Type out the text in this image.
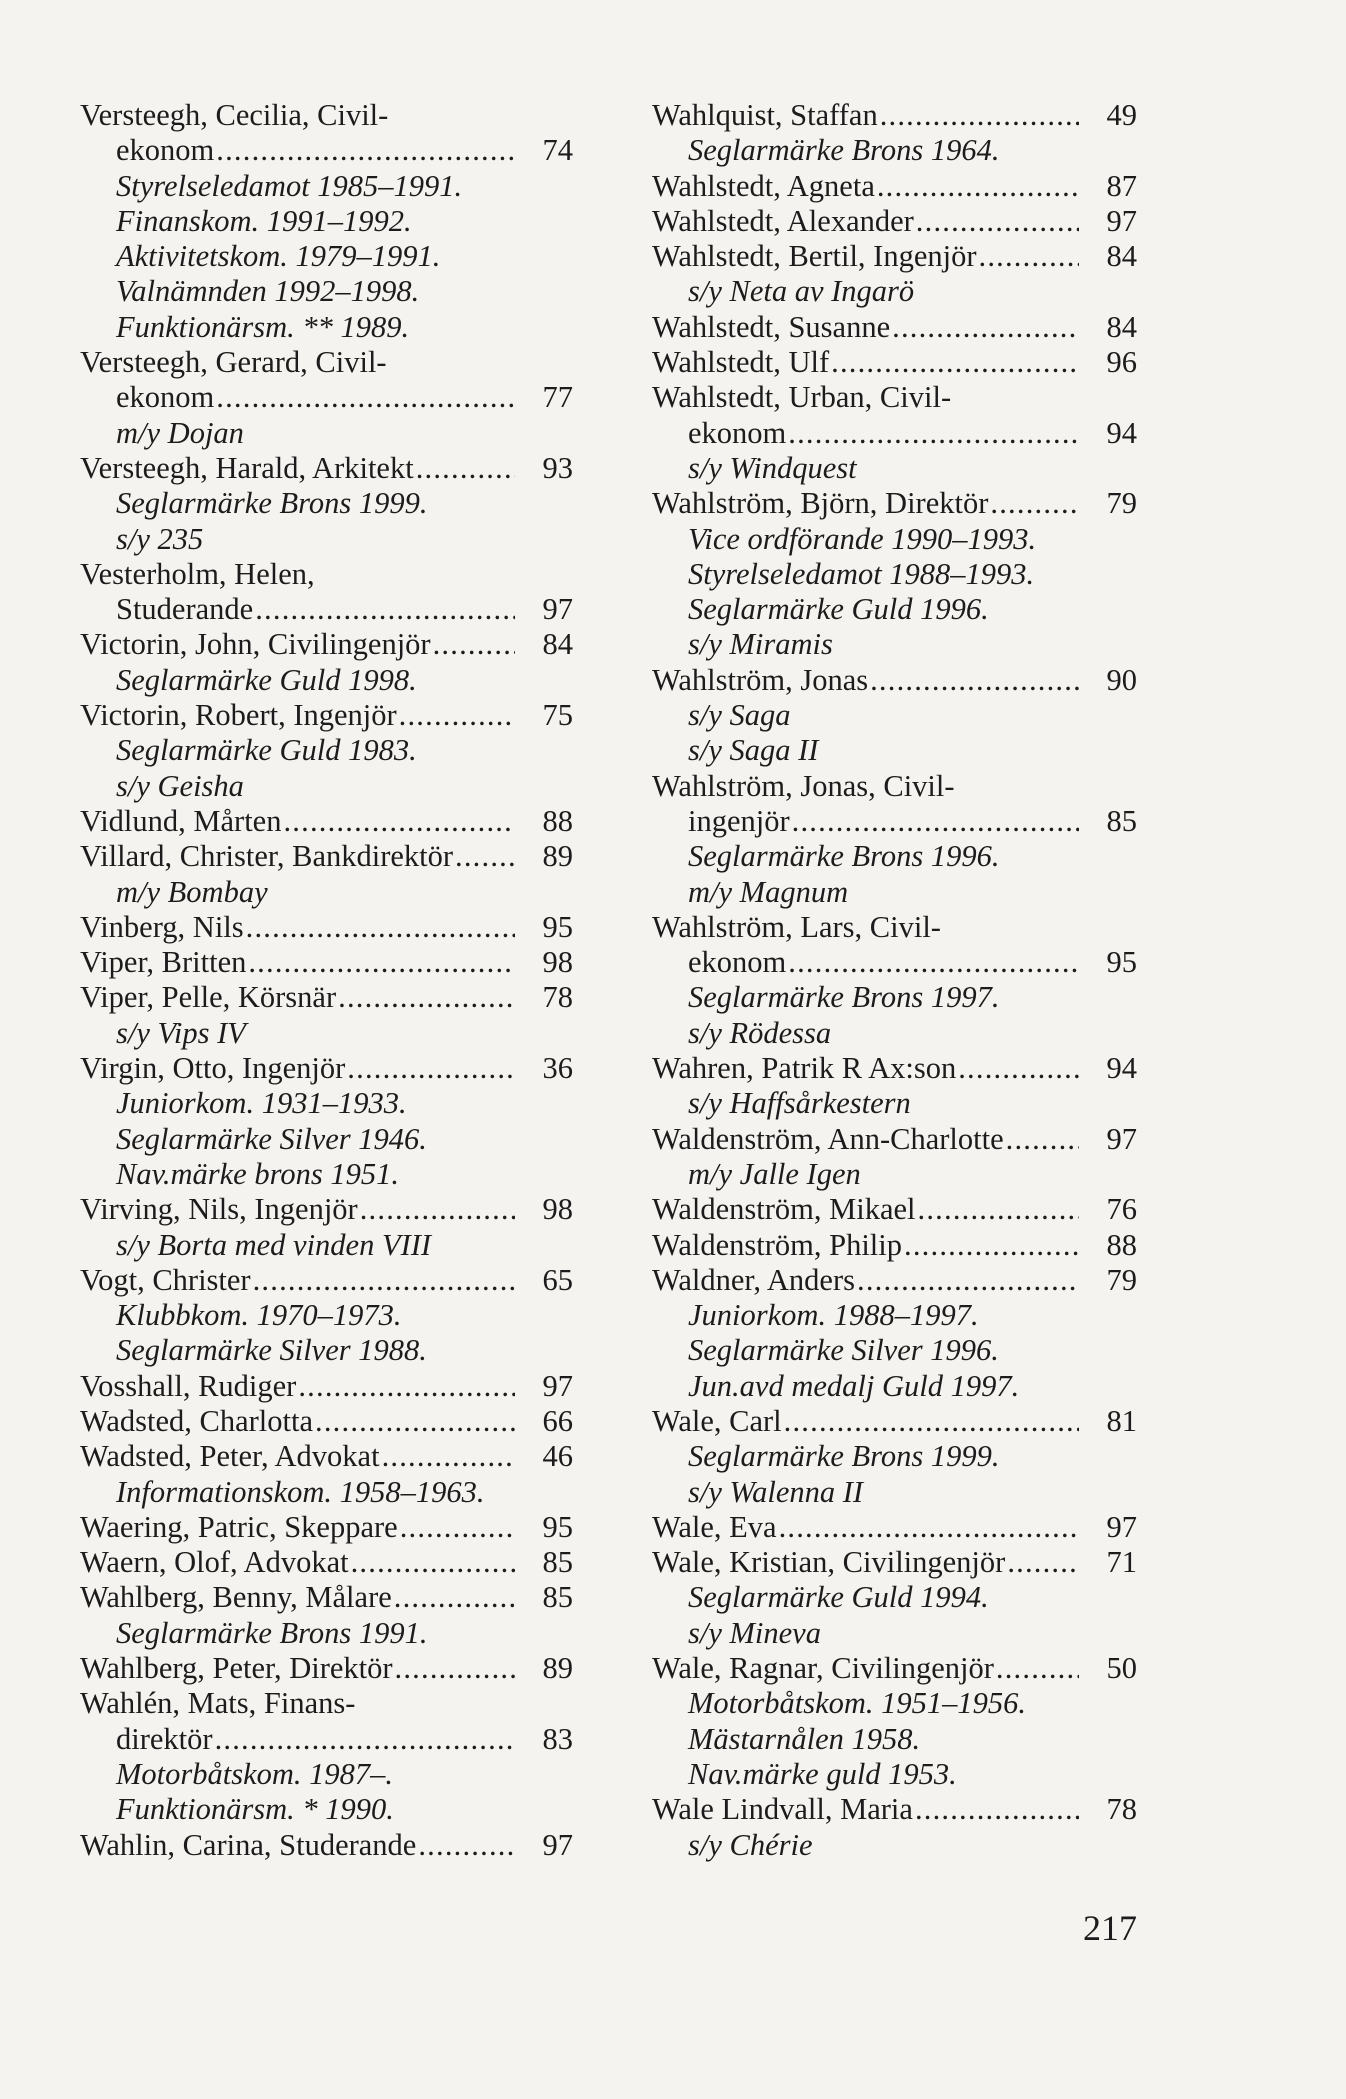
Versteegh, Cecilia, Civil-
ekonom .....	74
Styrelseledamot 1985–1991.
Finanskom. 1991–1992.
Aktivitetskom. 1979–1991.
Valnämnden 1992–1998.
Funktionärsm. ** 1989.
Versteegh, Gerard, Civil-
ekonom .....	77
m/y Dojan
Versteegh, Harald, Arkitekt .....	93
Seglarmärke Brons 1999.
s/y 235
Vesterholm, Helen,
Studerande .....	97
Victorin, John, Civilingenjör .....	84
Seglarmärke Guld 1998.
Victorin, Robert, Ingenjör .....	75
Seglarmärke Guld 1983.
s/y Geisha
Vidlund, Mårten .....	88
Villard, Christer, Bankdirektör .....	89
m/y Bombay
Vinberg, Nils .....	95
Viper, Britten .....	98
Viper, Pelle, Körsnär .....	78
s/y Vips IV
Virgin, Otto, Ingenjör .....	36
Juniorkom. 1931–1933.
Seglarmärke Silver 1946.
Nav.märke brons 1951.
Virving, Nils, Ingenjör .....	98
s/y Borta med vinden VIII
Vogt, Christer .....	65
Klubbkom. 1970–1973.
Seglarmärke Silver 1988.
Vosshall, Rudiger .....	97
Wadsted, Charlotta .....	66
Wadsted, Peter, Advokat .....	46
Informationskom. 1958–1963.
Waering, Patric, Skeppare .....	95
Waern, Olof, Advokat .....	85
Wahlberg, Benny, Målare .....	85
Seglarmärke Brons 1991.
Wahlberg, Peter, Direktör .....	89
Wahlén, Mats, Finans-
direktör .....	83
Motorbåtskom. 1987–.
Funktionärsm. * 1990.
Wahlin, Carina, Studerande .....	97
Wahlquist, Staffan .....	49
Seglarmärke Brons 1964.
Wahlstedt, Agneta .....	87
Wahlstedt, Alexander .....	97
Wahlstedt, Bertil, Ingenjör .....	84
s/y Neta av Ingarö
Wahlstedt, Susanne .....	84
Wahlstedt, Ulf .....	96
Wahlstedt, Urban, Civil-
ekonom .....	94
s/y Windquest
Wahlström, Björn, Direktör .....	79
Vice ordförande 1990–1993.
Styrelseledamot 1988–1993.
Seglarmärke Guld 1996.
s/y Miramis
Wahlström, Jonas .....	90
s/y Saga
s/y Saga II
Wahlström, Jonas, Civil-
ingenjör .....	85
Seglarmärke Brons 1996.
m/y Magnum
Wahlström, Lars, Civil-
ekonom .....	95
Seglarmärke Brons 1997.
s/y Rödessa
Wahren, Patrik R Ax:son .....	94
s/y Haffsårkestern
Waldenström, Ann-Charlotte .....	97
m/y Jalle Igen
Waldenström, Mikael .....	76
Waldenström, Philip .....	88
Waldner, Anders .....	79
Juniorkom. 1988–1997.
Seglarmärke Silver 1996.
Jun.avd medalj Guld 1997.
Wale, Carl .....	81
Seglarmärke Brons 1999.
s/y Walenna II
Wale, Eva .....	97
Wale, Kristian, Civilingenjör .....	71
Seglarmärke Guld 1994.
s/y Mineva
Wale, Ragnar, Civilingenjör .....	50
Motorbåtskom. 1951–1956.
Mästarnålen 1958.
Nav.märke guld 1953.
Wale Lindvall, Maria .....	78
s/y Chérie
217
